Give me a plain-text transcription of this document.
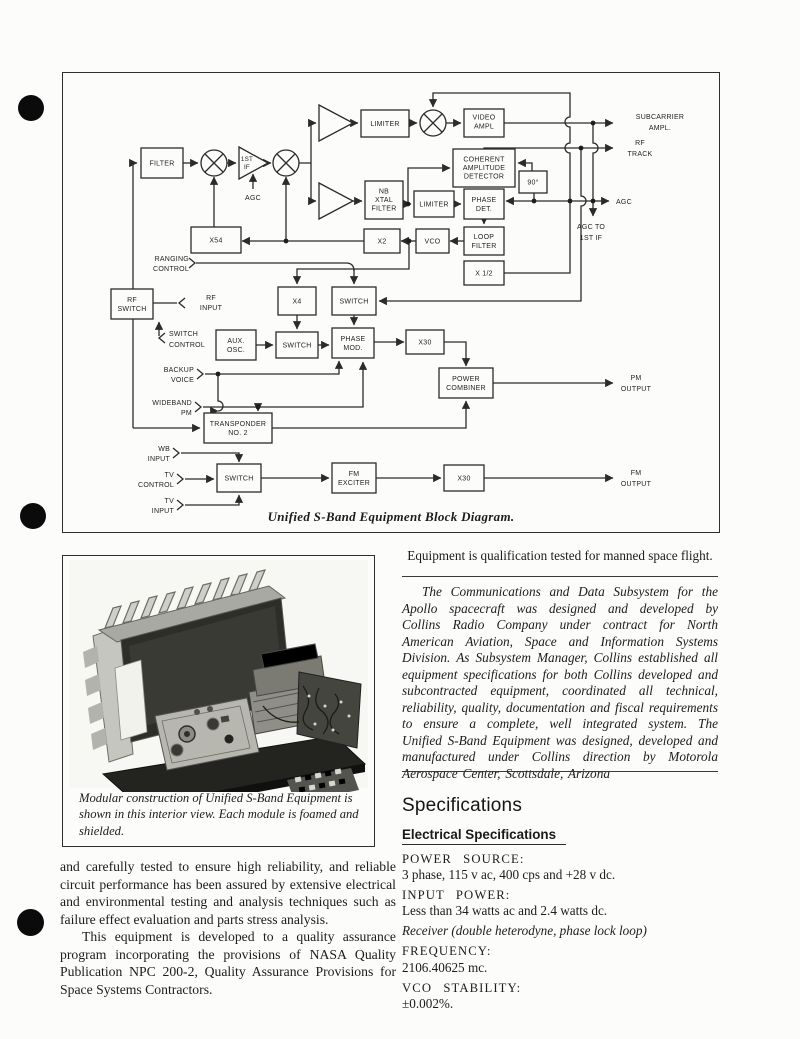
FILTER
1ST
IF
LIMITER
VIDEO
AMPL
COHERENT
AMPLITUDE
DETECTOR
90°
NB
XTAL
FILTER
LIMITER
PHASE
DET.
LOOP
FILTER
VCO
X2
X54
X 1/2
RF
SWITCH
X4	SWITCH
AUX.
OSC.
SWITCH
PHASE
MOD.
X30
POWER
COMBINER
TRANSPONDER
NO. 2
SWITCH
FM
EXCITER
X30
AGC
RANGING
CONTROL
RF
INPUT
SWITCH
CONTROL
BACKUP
VOICE
WIDEBAND
PM
WB
INPUT
TV
CONTROL
TV
INPUT
SUBCARRIER
AMPL.
RF
TRACK
AGC
AGC TO
1ST IF
PM
OUTPUT
FM
OUTPUT
Unified S-Band Equipment Block Diagram.
Modular construction of Unified S-Band Equipment is
shown in this interior view. Each module is foamed and
shielded.
Equipment is qualification tested for manned space flight.
The Communications and Data Subsystem for the Apollo spacecraft was designed and developed by Collins Radio Company under contract for North American Aviation, Space and Information Systems Division. As Subsystem Manager, Collins established all equipment specifications for both Collins developed and subcontracted equipment, coordinated all technical, reliability, quality, documentation and fiscal requirements to ensure a complete, well integrated system. The Unified S-Band Equipment was designed, developed and manufactured under Collins direction by Motorola Aerospace Center, Scottsdale, Arizona
Specifications
Electrical Specifications
POWER SOURCE:
3 phase, 115 v ac, 400 cps and +28 v dc.
INPUT POWER:
Less than 34 watts ac and 2.4 watts dc.
Receiver (double heterodyne, phase lock loop)
FREQUENCY:
2106.40625 mc.
VCO STABILITY:
±0.002%.

and carefully tested to ensure high reliability, and reliable circuit performance has been assured by extensive electrical and environmental testing and analysis techniques such as failure effect evaluation and parts stress analysis.

This equipment is developed to a quality assurance program incorporating the provisions of NASA Quality Publication NPC 200-2, Quality Assurance Provisions for Space Systems Contractors.
